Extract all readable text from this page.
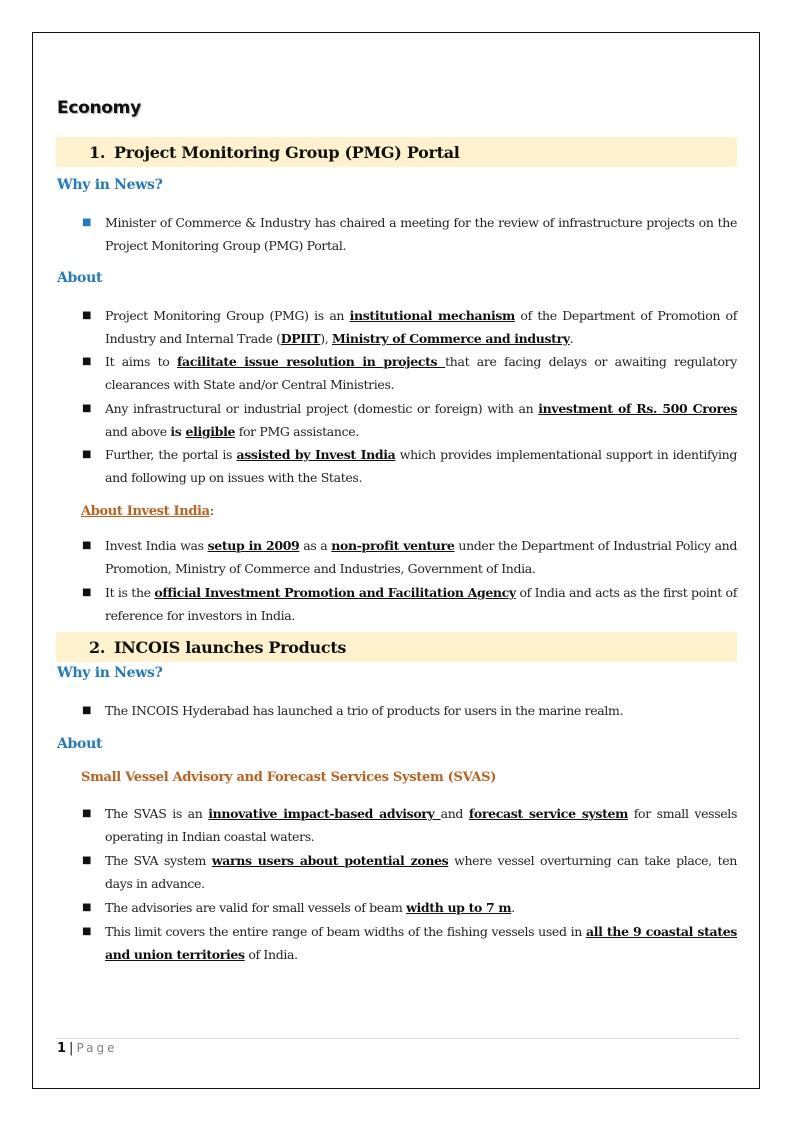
Economy
1. Project Monitoring Group (PMG) Portal
Why in News?
■ Minister of Commerce & Industry has chaired a meeting for the review of infrastructure projects on the Project Monitoring Group (PMG) Portal.
About
■ Project Monitoring Group (PMG) is an institutional mechanism of the Department of Promotion of Industry and Internal Trade (DPIIT), Ministry of Commerce and industry.
■ It aims to facilitate issue resolution in projects that are facing delays or awaiting regulatory clearances with State and/or Central Ministries.
■ Any infrastructural or industrial project (domestic or foreign) with an investment of Rs. 500 Crores and above is eligible for PMG assistance.
■ Further, the portal is assisted by Invest India which provides implementational support in identifying and following up on issues with the States.
About Invest India:
■ Invest India was setup in 2009 as a non-profit venture under the Department of Industrial Policy and Promotion, Ministry of Commerce and Industries, Government of India.
■ It is the official Investment Promotion and Facilitation Agency of India and acts as the first point of reference for investors in India.
2. INCOIS launches Products
Why in News?
■ The INCOIS Hyderabad has launched a trio of products for users in the marine realm.
About
Small Vessel Advisory and Forecast Services System (SVAS)
■ The SVAS is an innovative impact-based advisory and forecast service system for small vessels operating in Indian coastal waters.
■ The SVA system warns users about potential zones where vessel overturning can take place, ten days in advance.
■ The advisories are valid for small vessels of beam width up to 7 m.
■ This limit covers the entire range of beam widths of the fishing vessels used in all the 9 coastal states and union territories of India.
1 | Page
